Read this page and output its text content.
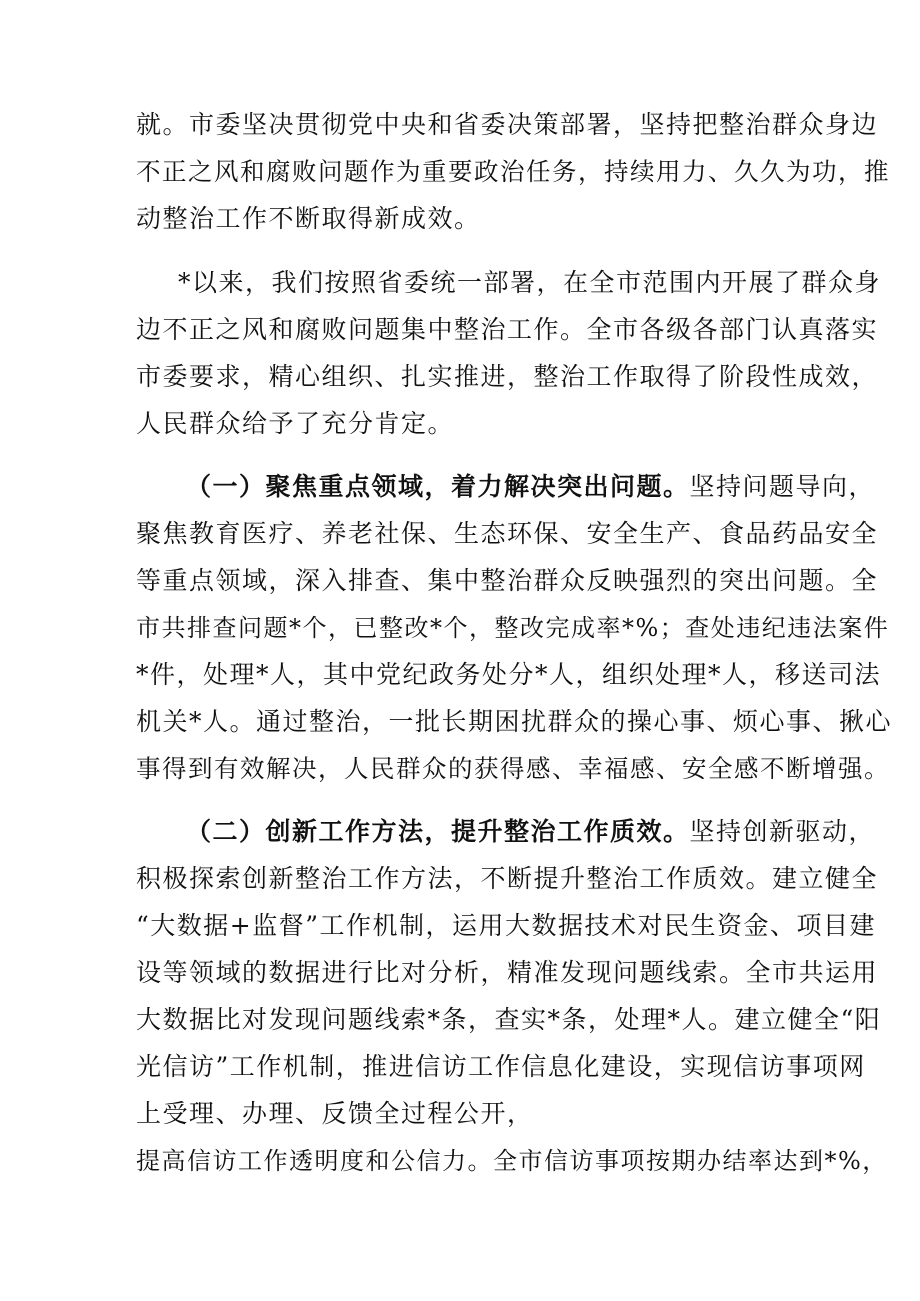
就。市委坚决贯彻党中央和省委决策部署，坚持把整治群众身边
不正之风和腐败问题作为重要政治任务，持续用力、久久为功，推
动整治工作不断取得新成效。
*以来，我们按照省委统一部署，在全市范围内开展了群众身
边不正之风和腐败问题集中整治工作。全市各级各部门认真落实
市委要求，精心组织、扎实推进，整治工作取得了阶段性成效，
人民群众给予了充分肯定。
（一）聚焦重点领域，着力解决突出问题。坚持问题导向，
聚焦教育医疗、养老社保、生态环保、安全生产、食品药品安全
等重点领域，深入排查、集中整治群众反映强烈的突出问题。全
市共排查问题*个，已整改*个，整改完成率*%；查处违纪违法案件
*件，处理*人，其中党纪政务处分*人，组织处理*人，移送司法
机关*人。通过整治，一批长期困扰群众的操心事、烦心事、揪心
事得到有效解决，人民群众的获得感、幸福感、安全感不断增强。
（二）创新工作方法，提升整治工作质效。坚持创新驱动，
积极探索创新整治工作方法，不断提升整治工作质效。建立健全
“大数据+监督”工作机制，运用大数据技术对民生资金、项目建
设等领域的数据进行比对分析，精准发现问题线索。全市共运用
大数据比对发现问题线索*条，查实*条，处理*人。建立健全“阳
光信访”工作机制，推进信访工作信息化建设，实现信访事项网
上受理、办理、反馈全过程公开，
提高信访工作透明度和公信力。全市信访事项按期办结率达到*%，
